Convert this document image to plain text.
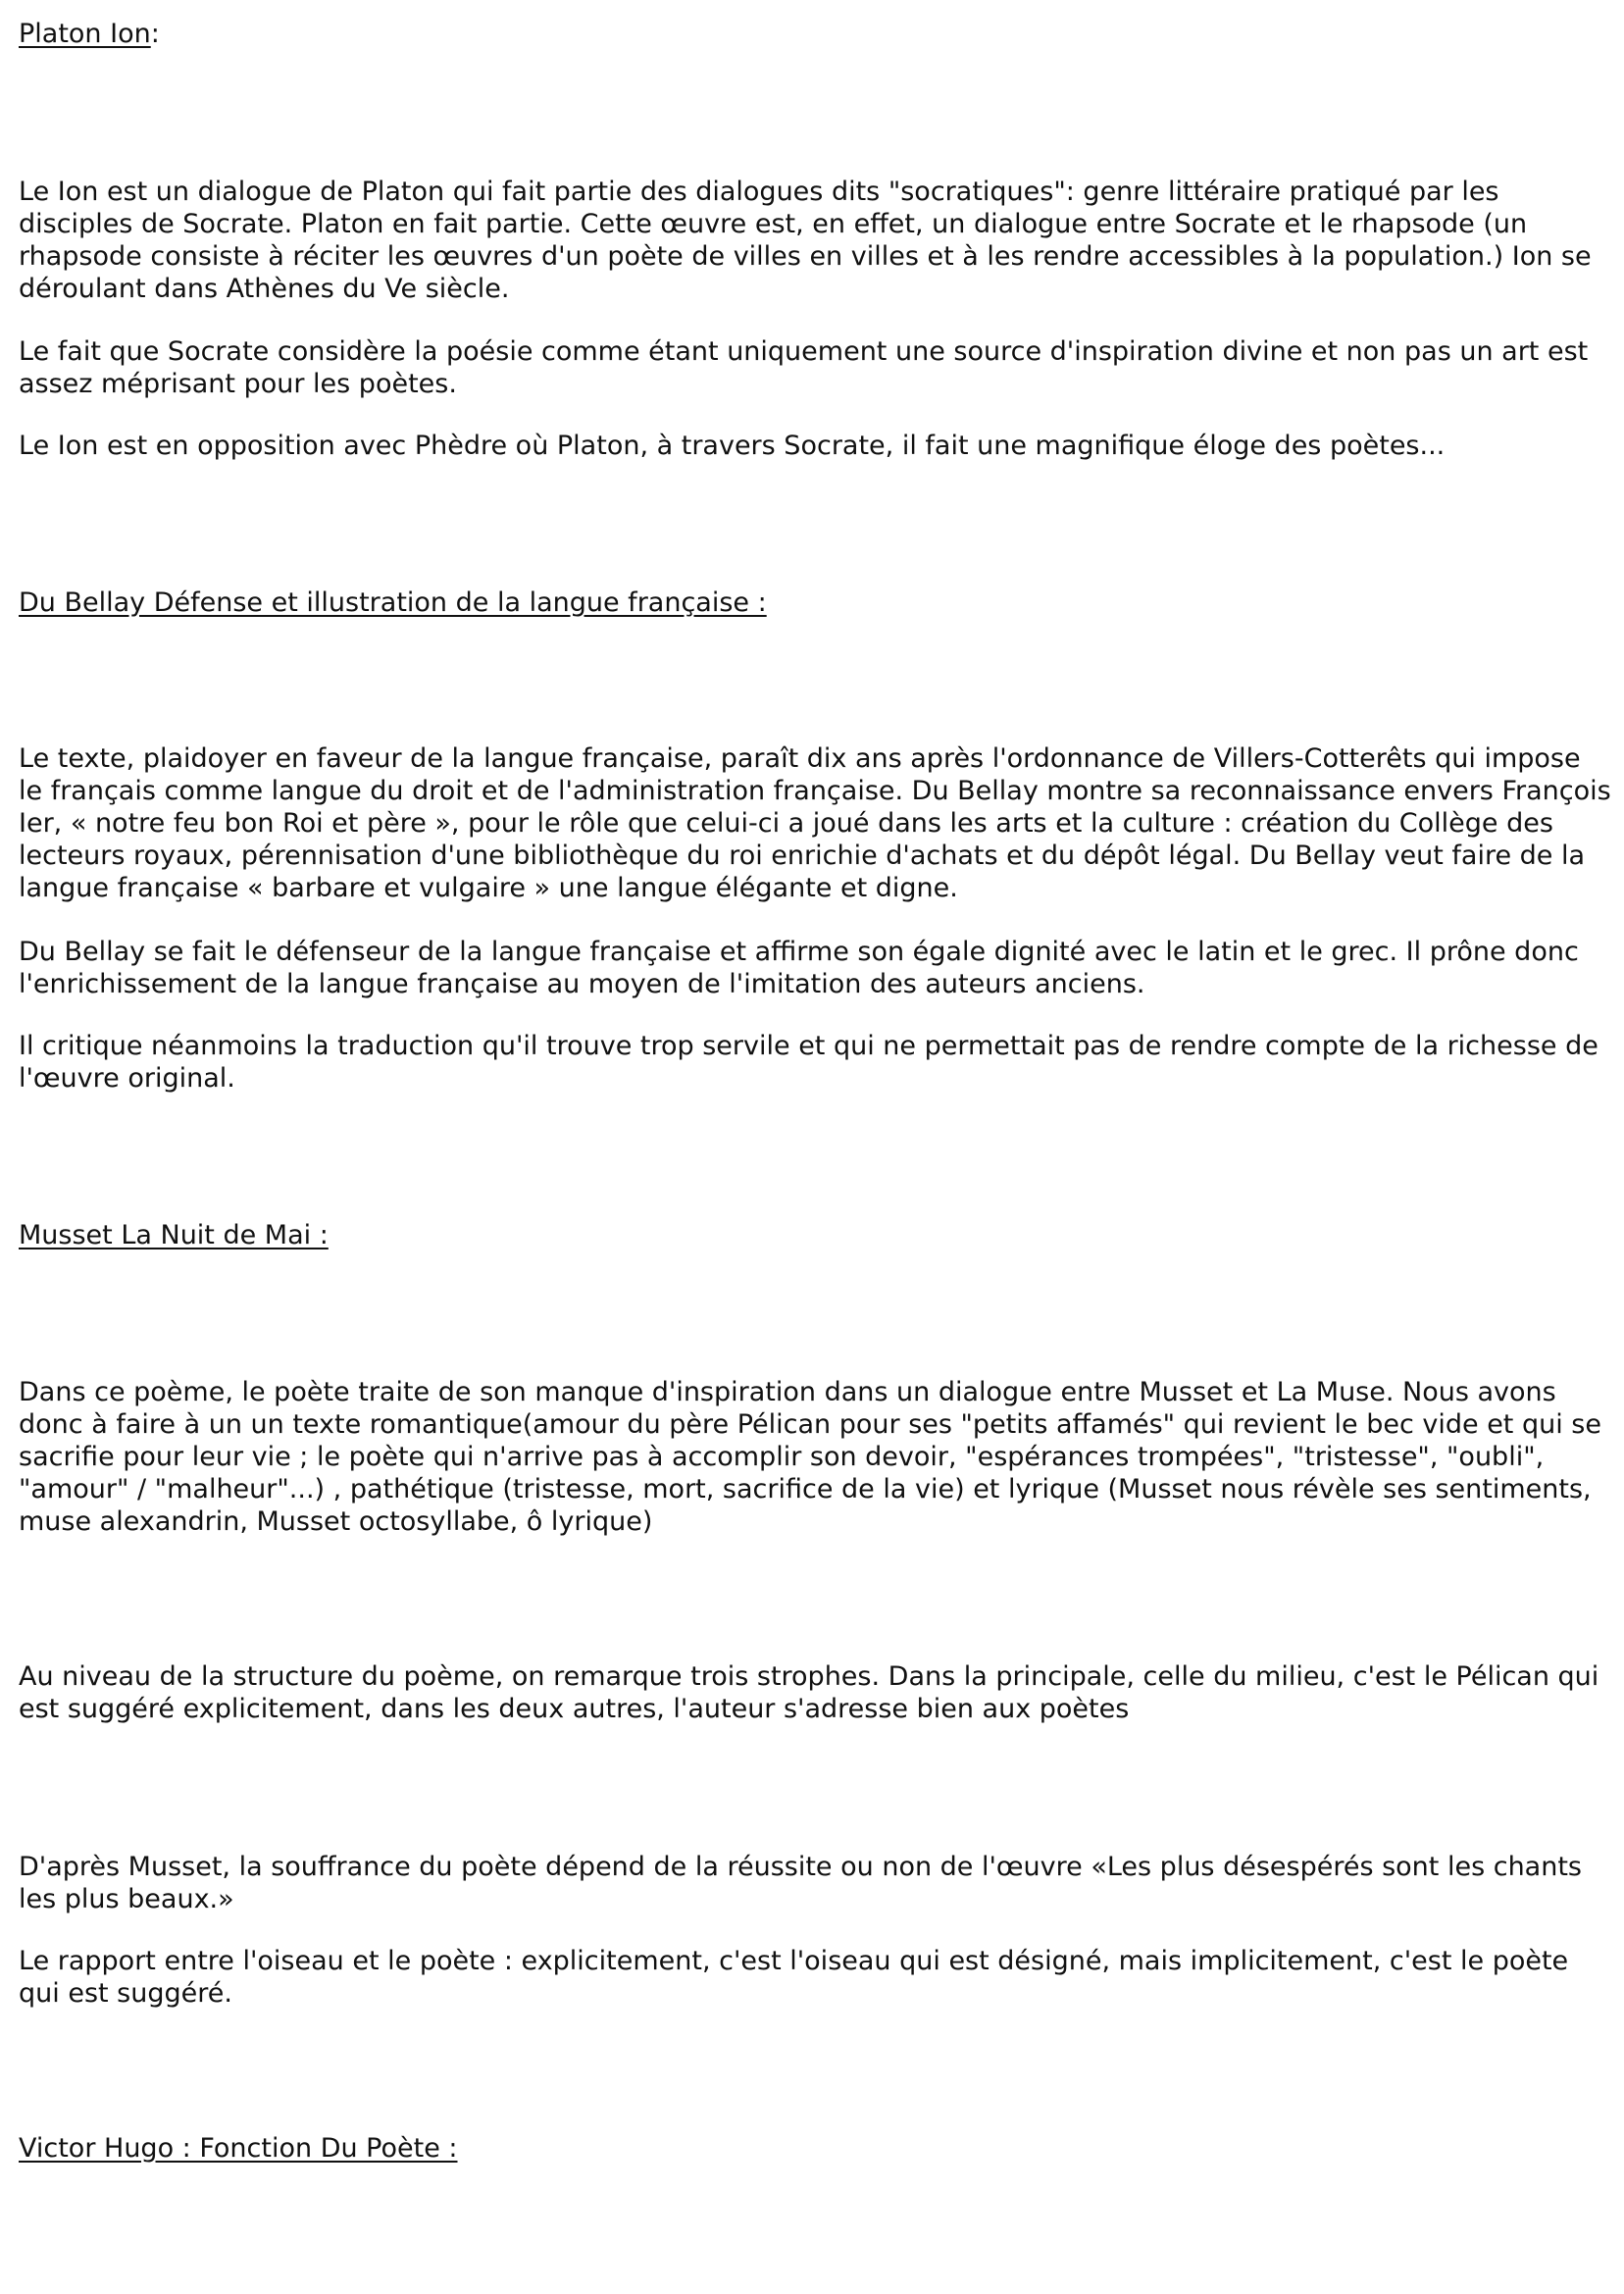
Platon Ion:

Le Ion est un dialogue de Platon qui fait partie des dialogues dits "socratiques": genre littéraire pratiqué par les disciples de Socrate. Platon en fait partie. Cette œuvre est, en effet, un dialogue entre Socrate et le rhapsode (un rhapsode consiste à réciter les œuvres d'un poète de villes en villes et à les rendre accessibles à la population.) Ion se déroulant dans Athènes du Ve siècle.

Le fait que Socrate considère la poésie comme étant uniquement une source d'inspiration divine et non pas un art est assez méprisant pour les poètes.

Le Ion est en opposition avec Phèdre où Platon, à travers Socrate, il fait une magnifique éloge des poètes...

Du Bellay Défense et illustration de la langue française :

Le texte, plaidoyer en faveur de la langue française, paraît dix ans après l'ordonnance de Villers-Cotterêts qui impose le français comme langue du droit et de l'administration française. Du Bellay montre sa reconnaissance envers François Ier, « notre feu bon Roi et père », pour le rôle que celui-ci a joué dans les arts et la culture : création du Collège des lecteurs royaux, pérennisation d'une bibliothèque du roi enrichie d'achats et du dépôt légal. Du Bellay veut faire de la langue française « barbare et vulgaire » une langue élégante et digne.

Du Bellay se fait le défenseur de la langue française et affirme son égale dignité avec le latin et le grec. Il prône donc l'enrichissement de la langue française au moyen de l'imitation des auteurs anciens.

Il critique néanmoins la traduction qu'il trouve trop servile et qui ne permettait pas de rendre compte de la richesse de l'œuvre original.

Musset La Nuit de Mai :

Dans ce poème, le poète traite de son manque d'inspiration dans un dialogue entre Musset et La Muse. Nous avons donc à faire à un un texte romantique(amour du père Pélican pour ses "petits affamés" qui revient le bec vide et qui se sacrifie pour leur vie ; le poète qui n'arrive pas à accomplir son devoir, "espérances trompées", "tristesse", "oubli", "amour" / "malheur"...) , pathétique (tristesse, mort, sacrifice de la vie) et lyrique (Musset nous révèle ses sentiments, muse alexandrin, Musset octosyllabe, ô lyrique)

Au niveau de la structure du poème, on remarque trois strophes. Dans la principale, celle du milieu, c'est le Pélican qui est suggéré explicitement, dans les deux autres, l'auteur s'adresse bien aux poètes

D'après Musset, la souffrance du poète dépend de la réussite ou non de l'œuvre «Les plus désespérés sont les chants les plus beaux.»

Le rapport entre l'oiseau et le poète : explicitement, c'est l'oiseau qui est désigné, mais implicitement, c'est le poète qui est suggéré.

Victor Hugo : Fonction Du Poète :
